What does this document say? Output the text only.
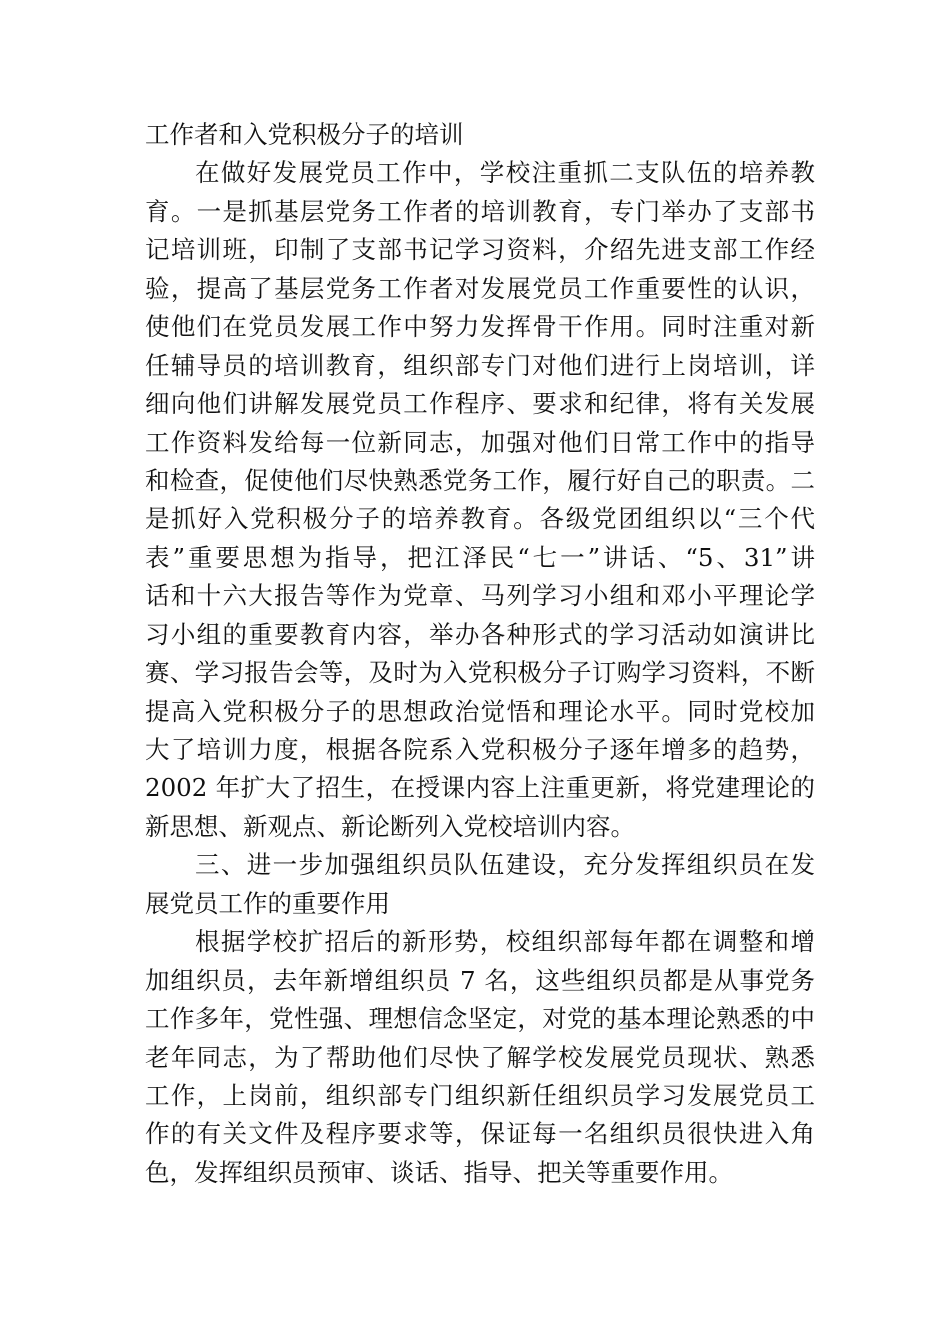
工作者和入党积极分子的培训
在做好发展党员工作中，学校注重抓二支队伍的培养教
育。一是抓基层党务工作者的培训教育，专门举办了支部书
记培训班，印制了支部书记学习资料，介绍先进支部工作经
验，提高了基层党务工作者对发展党员工作重要性的认识，
使他们在党员发展工作中努力发挥骨干作用。同时注重对新
任辅导员的培训教育，组织部专门对他们进行上岗培训，详
细向他们讲解发展党员工作程序、要求和纪律，将有关发展
工作资料发给每一位新同志，加强对他们日常工作中的指导
和检查，促使他们尽快熟悉党务工作，履行好自己的职责。二
是抓好入党积极分子的培养教育。各级党团组织以“三个代
表”重要思想为指导，把江泽民“七一”讲话、“5、31”讲
话和十六大报告等作为党章、马列学习小组和邓小平理论学
习小组的重要教育内容，举办各种形式的学习活动如演讲比
赛、学习报告会等，及时为入党积极分子订购学习资料，不断
提高入党积极分子的思想政治觉悟和理论水平。同时党校加
大了培训力度，根据各院系入党积极分子逐年增多的趋势，
2002 年扩大了招生，在授课内容上注重更新，将党建理论的
新思想、新观点、新论断列入党校培训内容。
三、进一步加强组织员队伍建设，充分发挥组织员在发
展党员工作的重要作用
根据学校扩招后的新形势，校组织部每年都在调整和增
加组织员，去年新增组织员 7 名，这些组织员都是从事党务
工作多年，党性强、理想信念坚定，对党的基本理论熟悉的中
老年同志，为了帮助他们尽快了解学校发展党员现状、熟悉
工作，上岗前，组织部专门组织新任组织员学习发展党员工
作的有关文件及程序要求等，保证每一名组织员很快进入角
色，发挥组织员预审、谈话、指导、把关等重要作用。
